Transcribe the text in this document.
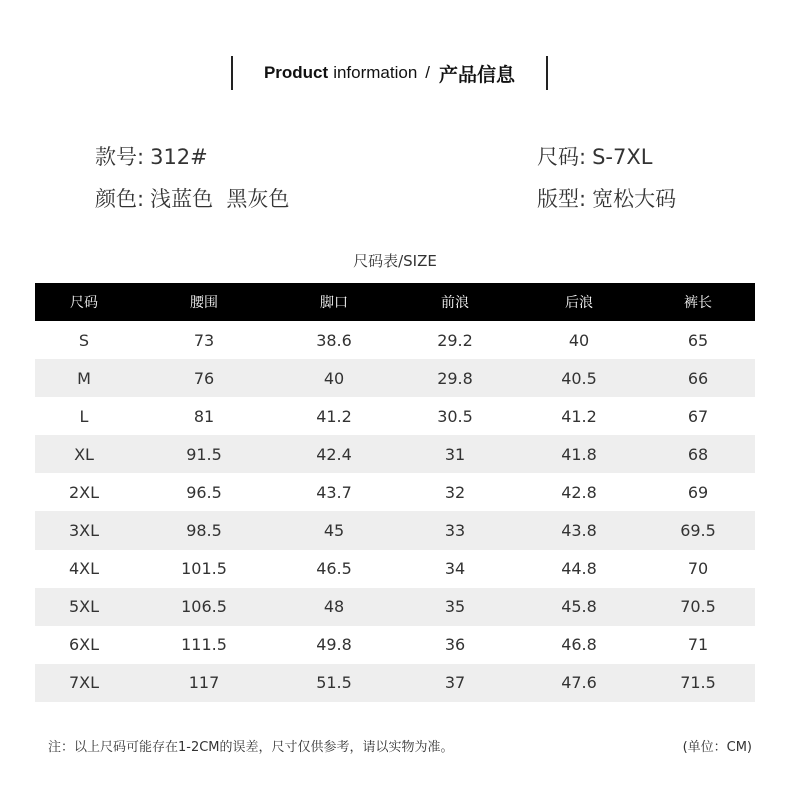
Product information / 产品信息
款号: 312#	尺码: S-7XL
颜色: 浅蓝色  黑灰色	版型: 宽松大码
尺码表/SIZE
尺码	腰围	脚口	前浪	后浪	裤长
S	73	38.6	29.2	40	65
M	76	40	29.8	40.5	66
L	81	41.2	30.5	41.2	67
XL	91.5	42.4	31	41.8	68
2XL	96.5	43.7	32	42.8	69
3XL	98.5	45	33	43.8	69.5
4XL	101.5	46.5	34	44.8	70
5XL	106.5	48	35	45.8	70.5
6XL	111.5	49.8	36	46.8	71
7XL	117	51.5	37	47.6	71.5
注：以上尺码可能存在1-2CM的误差，尺寸仅供参考，请以实物为准。	(单位：CM)
